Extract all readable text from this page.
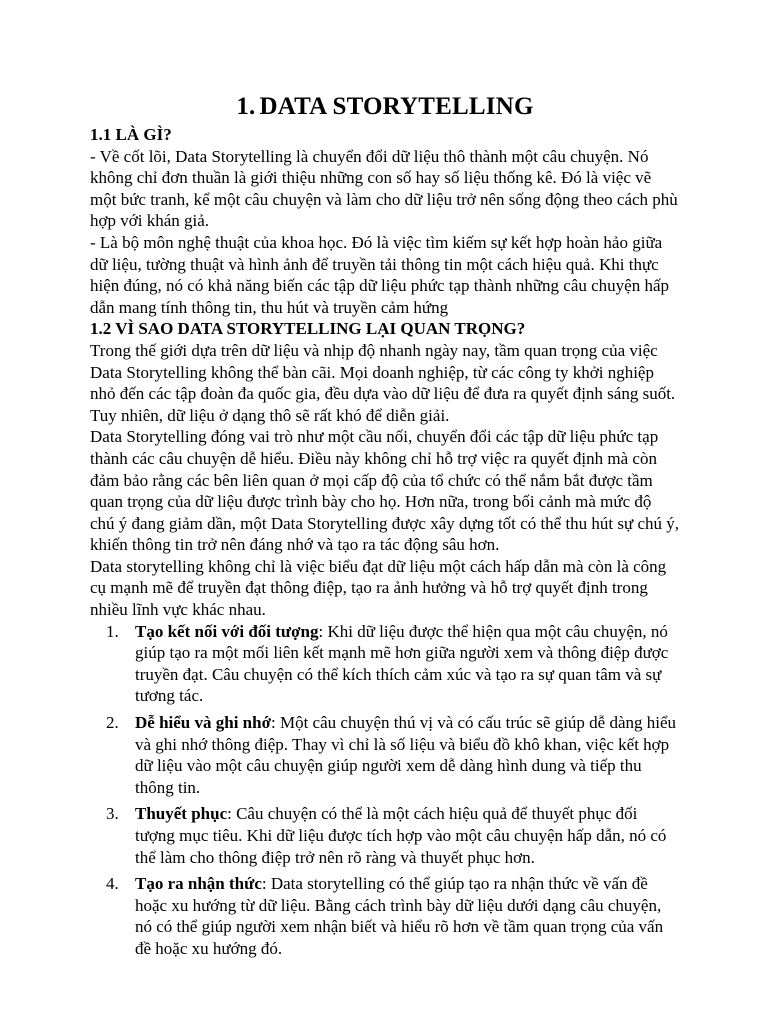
1. DATA STORYTELLING

1.1 LÀ GÌ?

- Về cốt lõi, Data Storytelling là chuyển đổi dữ liệu thô thành một câu chuyện. Nó không chỉ đơn thuần là giới thiệu những con số hay số liệu thống kê. Đó là việc vẽ một bức tranh, kể một câu chuyện và làm cho dữ liệu trở nên sống động theo cách phù hợp với khán giả.

- Là bộ môn nghệ thuật của khoa học. Đó là việc tìm kiếm sự kết hợp hoàn hảo giữa dữ liệu, tường thuật và hình ảnh để truyền tải thông tin một cách hiệu quả. Khi thực hiện đúng, nó có khả năng biến các tập dữ liệu phức tạp thành những câu chuyện hấp dẫn mang tính thông tin, thu hút và truyền cảm hứng

1.2 VÌ SAO DATA STORYTELLING LẠI QUAN TRỌNG?

Trong thế giới dựa trên dữ liệu và nhịp độ nhanh ngày nay, tầm quan trọng của việc Data Storytelling không thể bàn cãi. Mọi doanh nghiệp, từ các công ty khởi nghiệp nhỏ đến các tập đoàn đa quốc gia, đều dựa vào dữ liệu để đưa ra quyết định sáng suốt. Tuy nhiên, dữ liệu ở dạng thô sẽ rất khó để diễn giải.

Data Storytelling đóng vai trò như một cầu nối, chuyển đổi các tập dữ liệu phức tạp thành các câu chuyện dễ hiểu. Điều này không chỉ hỗ trợ việc ra quyết định mà còn đảm bảo rằng các bên liên quan ở mọi cấp độ của tổ chức có thể nắm bắt được tầm quan trọng của dữ liệu được trình bày cho họ. Hơn nữa, trong bối cảnh mà mức độ chú ý đang giảm dần, một Data Storytelling được xây dựng tốt có thể thu hút sự chú ý, khiến thông tin trở nên đáng nhớ và tạo ra tác động sâu hơn.

Data storytelling không chỉ là việc biểu đạt dữ liệu một cách hấp dẫn mà còn là công cụ mạnh mẽ để truyền đạt thông điệp, tạo ra ảnh hưởng và hỗ trợ quyết định trong nhiều lĩnh vực khác nhau.

1. Tạo kết nối với đối tượng: Khi dữ liệu được thể hiện qua một câu chuyện, nó giúp tạo ra một mối liên kết mạnh mẽ hơn giữa người xem và thông điệp được truyền đạt. Câu chuyện có thể kích thích cảm xúc và tạo ra sự quan tâm và sự tương tác.
2. Dễ hiểu và ghi nhớ: Một câu chuyện thú vị và có cấu trúc sẽ giúp dễ dàng hiểu và ghi nhớ thông điệp. Thay vì chỉ là số liệu và biểu đồ khô khan, việc kết hợp dữ liệu vào một câu chuyện giúp người xem dễ dàng hình dung và tiếp thu thông tin.
3. Thuyết phục: Câu chuyện có thể là một cách hiệu quả để thuyết phục đối tượng mục tiêu. Khi dữ liệu được tích hợp vào một câu chuyện hấp dẫn, nó có thể làm cho thông điệp trở nên rõ ràng và thuyết phục hơn.
4. Tạo ra nhận thức: Data storytelling có thể giúp tạo ra nhận thức về vấn đề hoặc xu hướng từ dữ liệu. Bằng cách trình bày dữ liệu dưới dạng câu chuyện, nó có thể giúp người xem nhận biết và hiểu rõ hơn về tầm quan trọng của vấn đề hoặc xu hướng đó.
